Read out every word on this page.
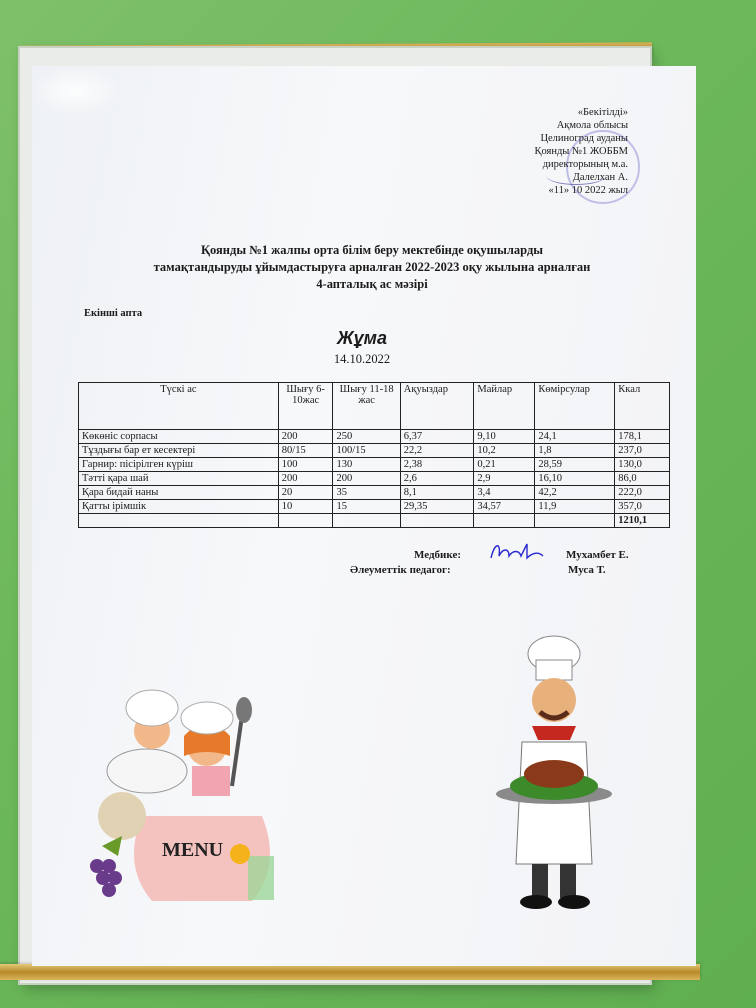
«Бекітілді»
Ақмола облысы
Целиноград ауданы
Қоянды №1 ЖОББМ
директорының м.а.
Далелхан А.
«11» 10 2022 жыл
Қоянды №1 жалпы орта білім беру мектебінде оқушыларды
тамақтандыруды ұйымдастыруға арналған 2022-2023 оқу жылына арналған
4-апталық ас мәзірі
Екінші апта
Жұма
14.10.2022
Түскі ас	Шығу 6-10жас	Шығу 11-18 жас	Ақуыздар	Майлар	Көмірсулар	Ккал
Көкөніс сорпасы	200	250	6,37	9,10	24,1	178,1
Тұздығы бар ет кесектері	80/15	100/15	22,2	10,2	1,8	237,0
Гарнир: пісірілген күріш	100	130	2,38	0,21	28,59	130,0
Тәтті қара шай	200	200	2,6	2,9	16,10	86,0
Қара бидай наны	20	35	8,1	3,4	42,2	222,0
Қатты ірімшік	10	15	29,35	34,57	11,9	357,0
						1210,1
Медбике:	Мухамбет Е.
Әлеуметтік педагог:	Муса Т.
MENU
